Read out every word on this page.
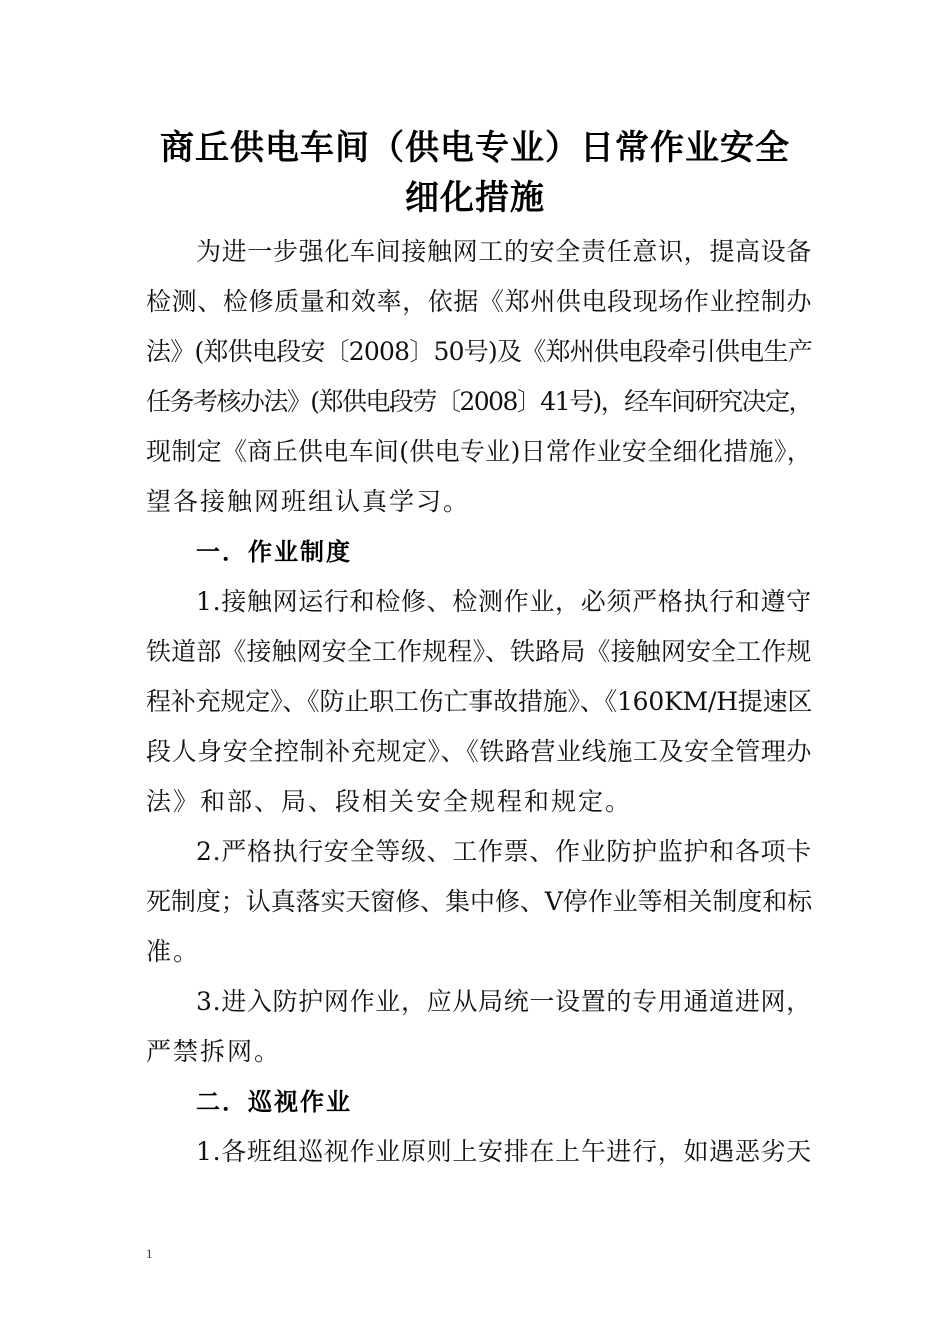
商丘供电车间（供电专业）日常作业安全
细化措施
为进一步强化车间接触网工的安全责任意识，提高设备
检测、检修质量和效率，依据《郑州供电段现场作业控制办
法》(郑供电段安〔2008〕50号)及《郑州供电段牵引供电生产
任务考核办法》(郑供电段劳〔2008〕41号)，经车间研究决定，
现制定《商丘供电车间(供电专业)日常作业安全细化措施》，
望各接触网班组认真学习。
一．作业制度
1.接触网运行和检修、检测作业，必须严格执行和遵守
铁道部《接触网安全工作规程》、铁路局《接触网安全工作规
程补充规定》、《防止职工伤亡事故措施》、《160KM/H提速区
段人身安全控制补充规定》、《铁路营业线施工及安全管理办
法》和部、局、段相关安全规程和规定。
2.严格执行安全等级、工作票、作业防护监护和各项卡
死制度；认真落实天窗修、集中修、V停作业等相关制度和标
准。
3.进入防护网作业，应从局统一设置的专用通道进网，
严禁拆网。
二．巡视作业
1.各班组巡视作业原则上安排在上午进行，如遇恶劣天
1
